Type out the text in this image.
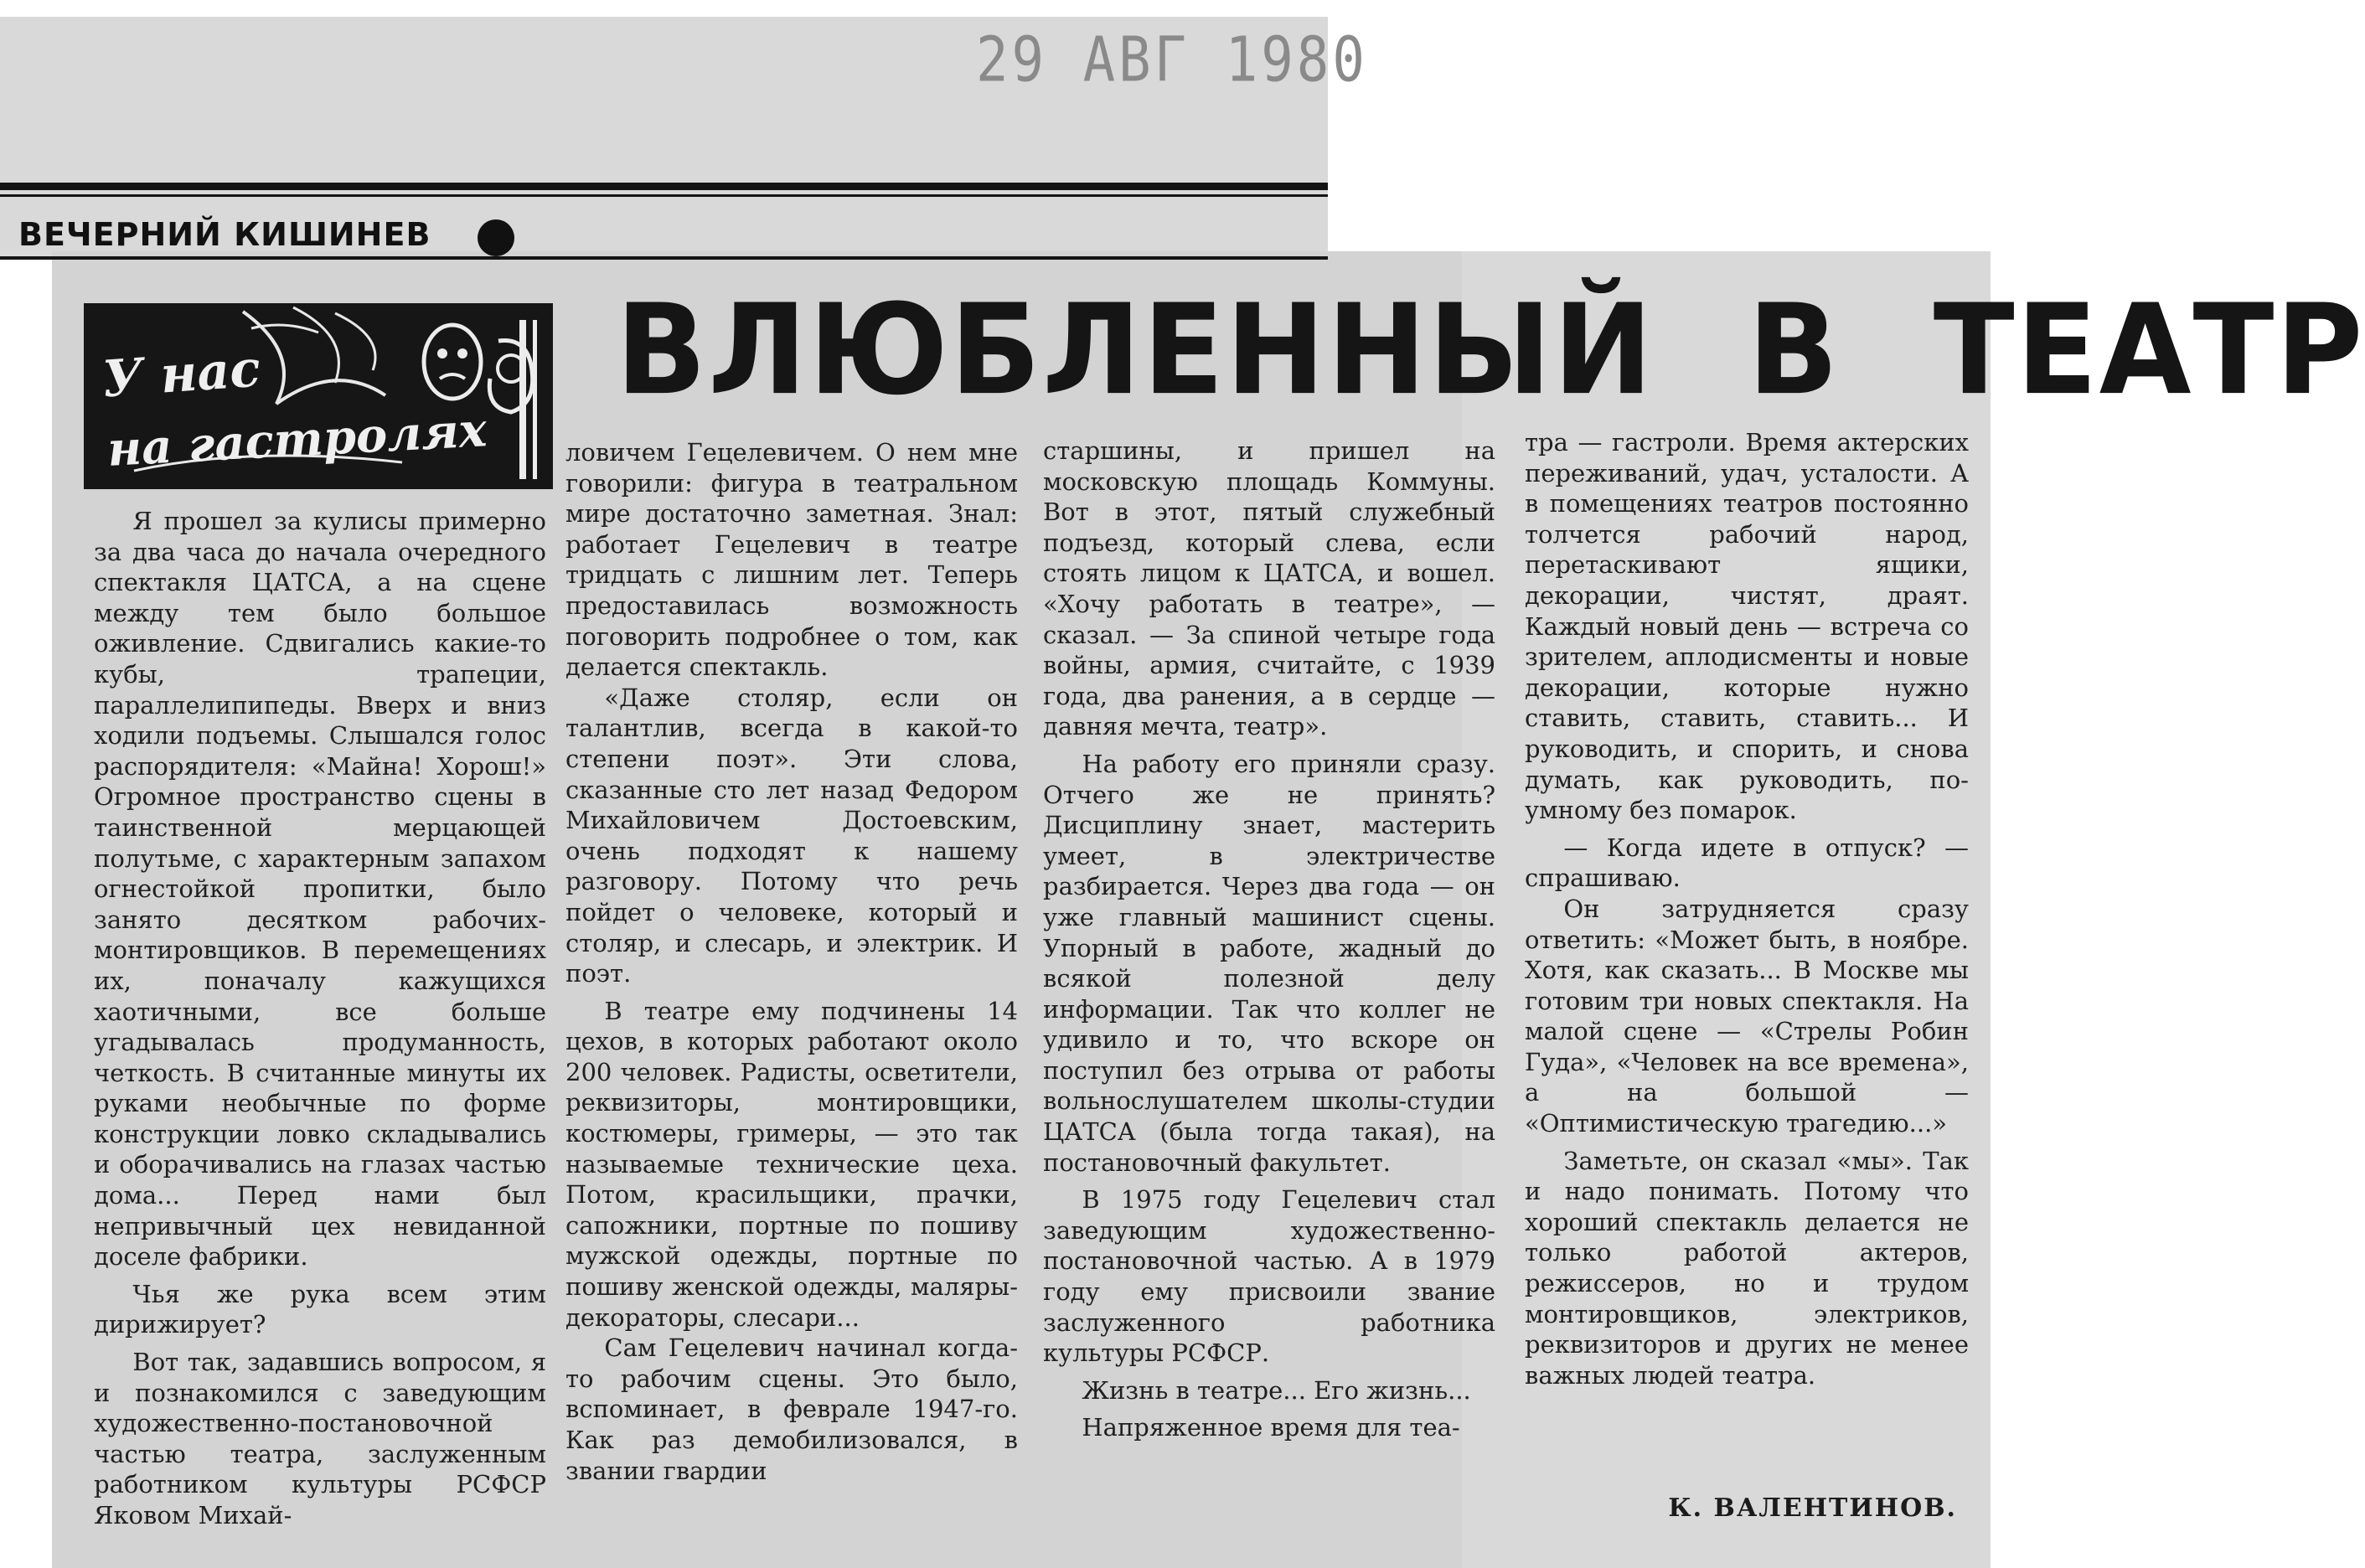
29 АВГ 1980
ВЕЧЕРНИЙ КИШИНЕВ
У нас
на гастролях
ВЛЮБЛЕННЫЙ В ТЕАТР

Я прошел за кулисы примерно за два часа до начала очередного спектакля ЦАТСА, а на сцене между тем было большое оживление. Сдвигались какие-то кубы, трапеции, параллелипипеды. Вверх и вниз ходили подъемы. Слышался голос распорядителя: «Майна! Хорош!» Огромное пространство сцены в таинственной мерцающей полутьме, с характерным запахом огнестойкой пропитки, было занято десятком рабочих-монтировщиков. В перемещениях их, поначалу кажущихся хаотичными, все больше угадывалась продуманность, четкость. В считанные минуты их руками необычные по форме конструкции ловко складывались и оборачивались на глазах частью дома... Перед нами был непривычный цех невиданной доселе фабрики.

Чья же рука всем этим дирижирует?

Вот так, задавшись вопросом, я и познакомился с заведующим художественно-постановочной частью театра, заслуженным работником культуры РСФСР Яковом Михай-

ловичем Гецелевичем. О нем мне говорили: фигура в театральном мире достаточно заметная. Знал: работает Гецелевич в театре тридцать с лишним лет. Теперь предоставилась возможность поговорить подробнее о том, как делается спектакль.

«Даже столяр, если он талантлив, всегда в какой-то степени поэт». Эти слова, сказанные сто лет назад Федором Михайловичем Достоевским, очень подходят к нашему разговору. Потому что речь пойдет о человеке, который и столяр, и слесарь, и электрик. И поэт.

В театре ему подчинены 14 цехов, в которых работают около 200 человек. Радисты, осветители, реквизиторы, монтировщики, костюмеры, гримеры, — это так называемые технические цеха. Потом, красильщики, прачки, сапожники, портные по пошиву мужской одежды, портные по пошиву женской одежды, маляры-декораторы, слесари...

Сам Гецелевич начинал когда-то рабочим сцены. Это было, вспоминает, в феврале 1947-го. Как раз демобилизовался, в звании гвардии

старшины, и пришел на московскую площадь Коммуны. Вот в этот, пятый служебный подъезд, который слева, если стоять лицом к ЦАТСА, и вошел. «Хочу работать в театре», — сказал. — За спиной четыре года войны, армия, считайте, с 1939 года, два ранения, а в сердце — давняя мечта, театр».

На работу его приняли сразу. Отчего же не принять? Дисциплину знает, мастерить умеет, в электричестве разбирается. Через два года — он уже главный машинист сцены. Упорный в работе, жадный до всякой полезной делу информации. Так что коллег не удивило и то, что вскоре он поступил без отрыва от работы вольнослушателем школы-студии ЦАТСА (была тогда такая), на постановочный факультет.

В 1975 году Гецелевич стал заведующим художественно-постановочной частью. А в 1979 году ему присвоили звание заслуженного работника культуры РСФСР.

Жизнь в театре... Его жизнь...

Напряженное время для теа-

тра — гастроли. Время актерских переживаний, удач, усталости. А в помещениях театров постоянно толчется рабочий народ, перетаскивают ящики, декорации, чистят, драят. Каждый новый день — встреча со зрителем, аплодисменты и новые декорации, которые нужно ставить, ставить, ставить... И руководить, и спорить, и снова думать, как руководить, по-умному без помарок.

— Когда идете в отпуск? — спрашиваю.

Он затрудняется сразу ответить: «Может быть, в ноябре. Хотя, как сказать... В Москве мы готовим три новых спектакля. На малой сцене — «Стрелы Робин Гуда», «Человек на все времена», а на большой — «Оптимистическую трагедию...»

Заметьте, он сказал «мы». Так и надо понимать. Потому что хороший спектакль делается не только работой актеров, режиссеров, но и трудом монтировщиков, электриков, реквизиторов и других не менее важных людей театра.

К. ВАЛЕНТИНОВ.
